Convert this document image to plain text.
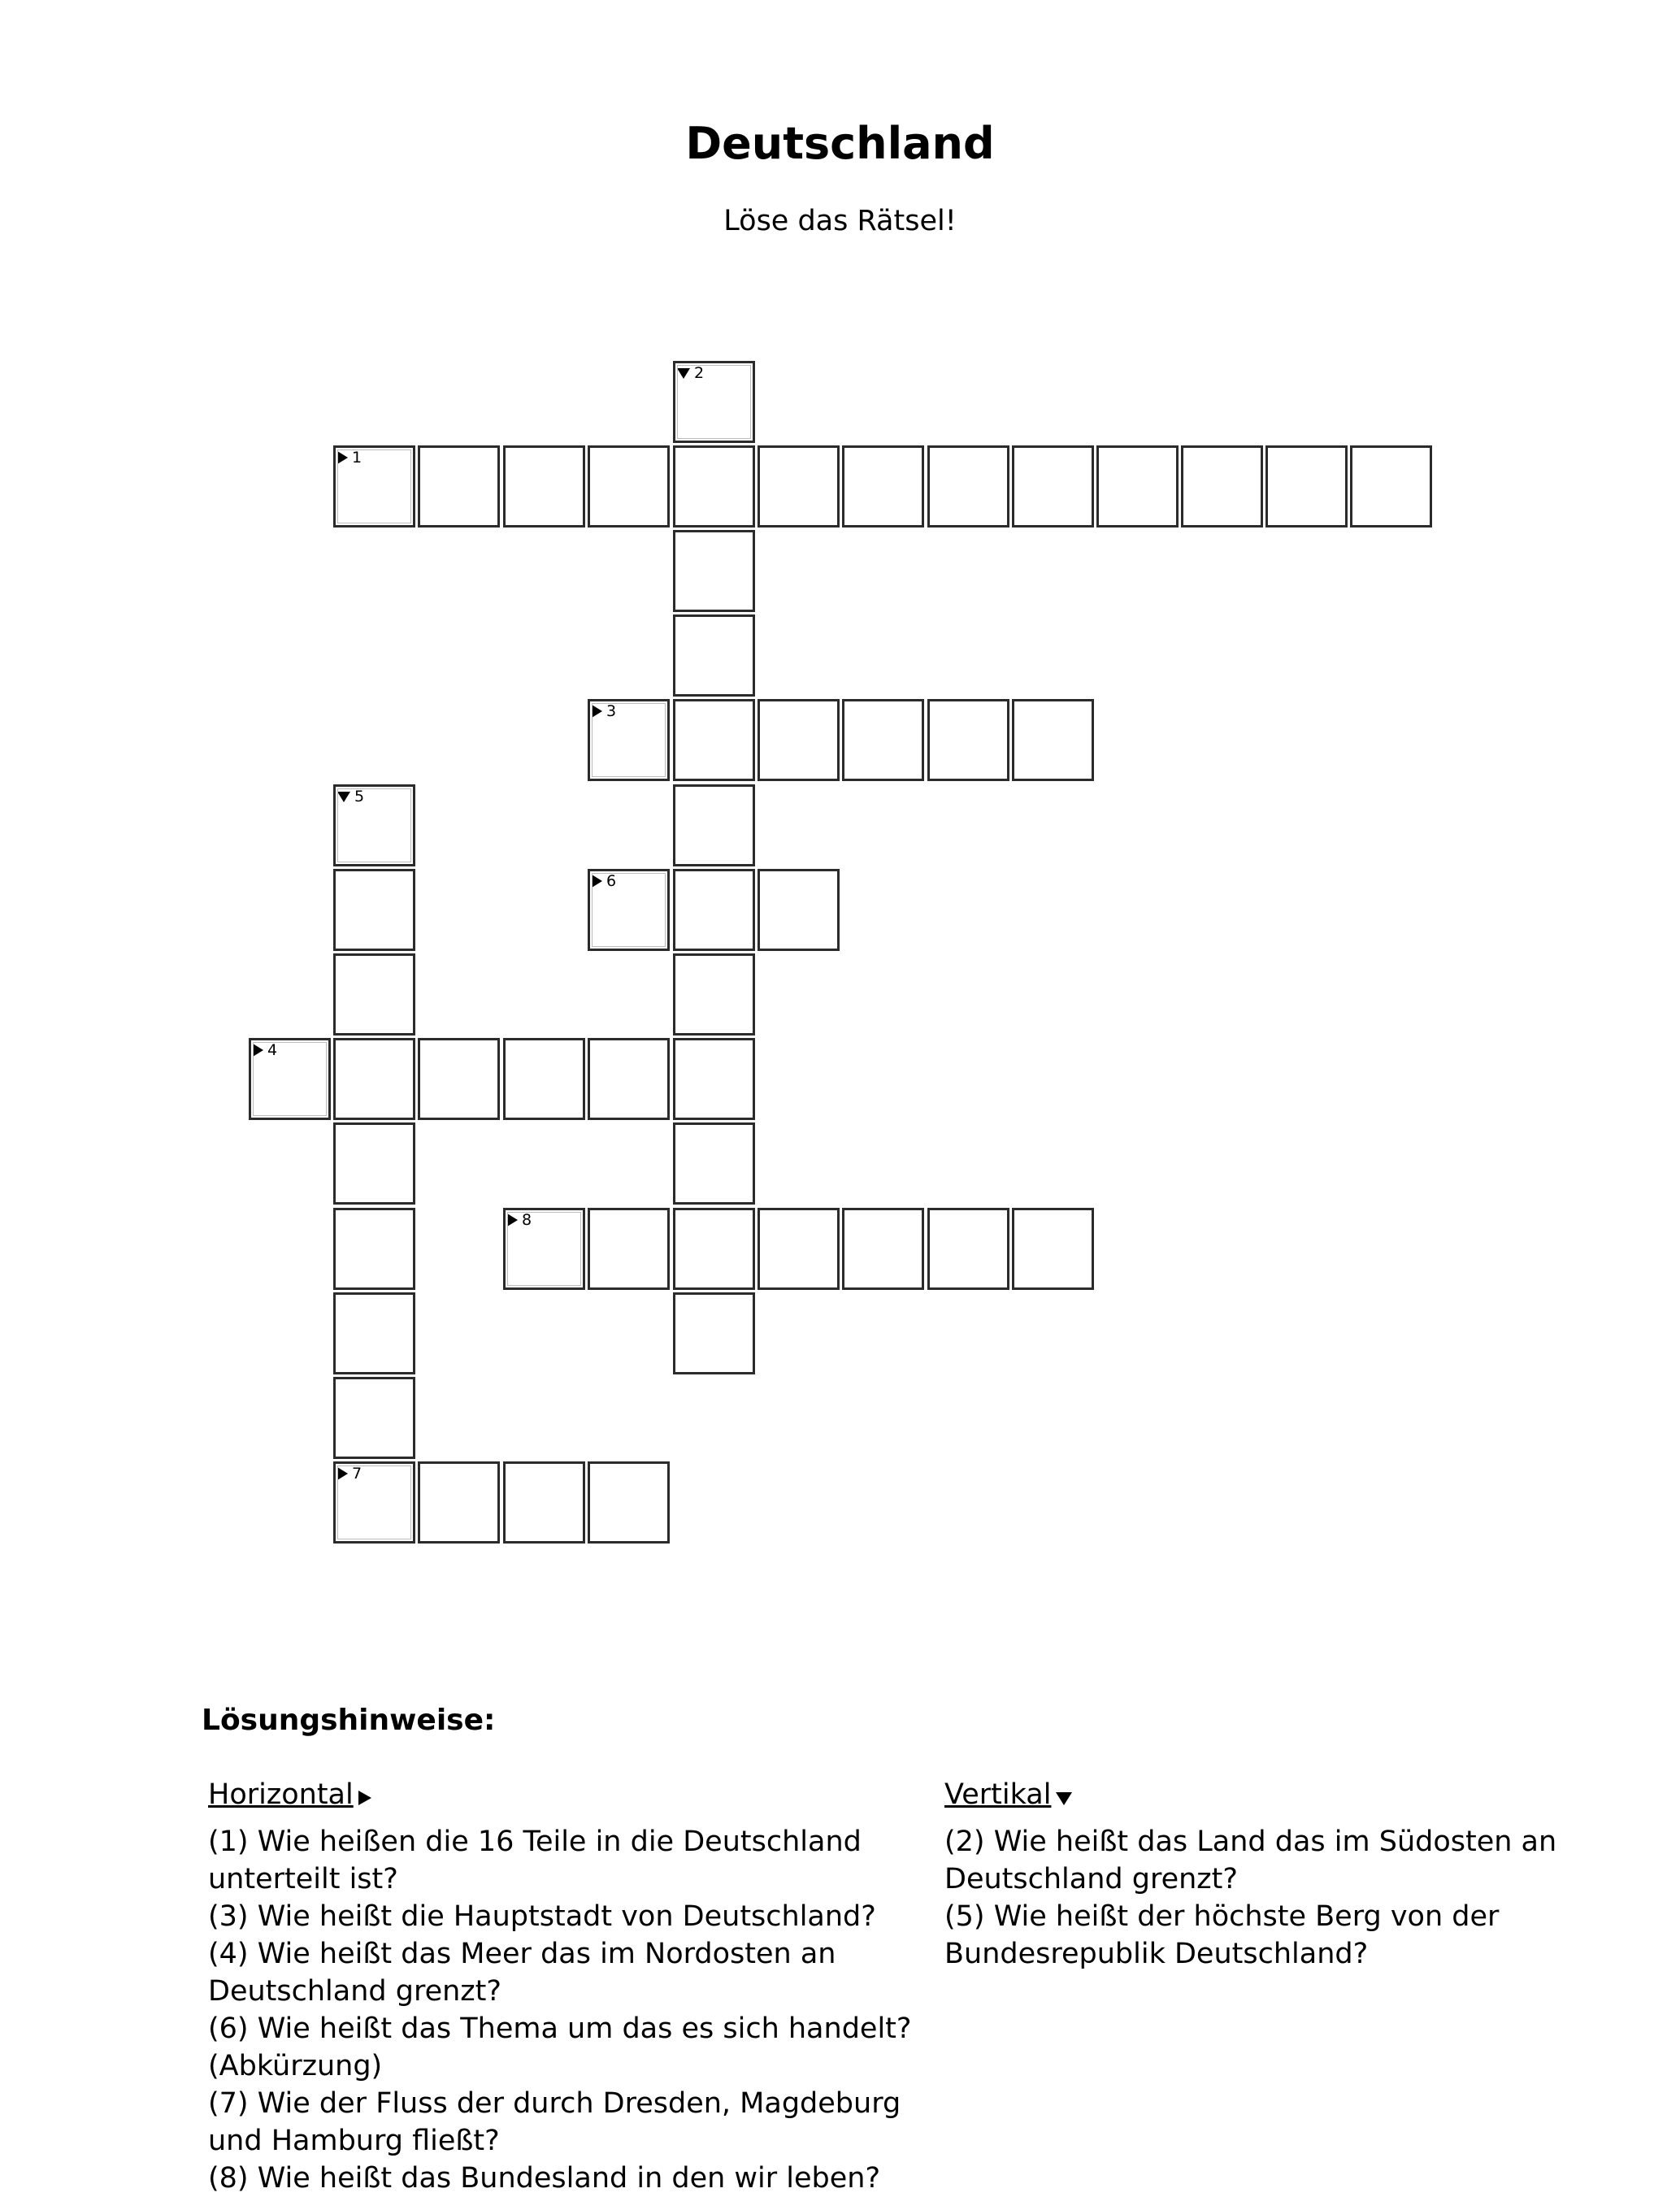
Deutschland
Löse das Rätsel!
2
1
3
5
6
4
8
7
Lösungshinweise:
Horizontal

(1) Wie heißen die 16 Teile in die Deutschland unterteilt ist?

(3) Wie heißt die Hauptstadt von Deutschland?

(4) Wie heißt das Meer das im Nordosten an Deutschland grenzt?

(6) Wie heißt das Thema um das es sich handelt?(Abkürzung)

(7) Wie der Fluss der durch Dresden, Magdeburg und Hamburg fließt?

(8) Wie heißt das Bundesland in den wir leben?

Vertikal

(2) Wie heißt das Land das im Südosten an Deutschland grenzt?

(5) Wie heißt der höchste Berg von der Bundesrepublik Deutschland?
